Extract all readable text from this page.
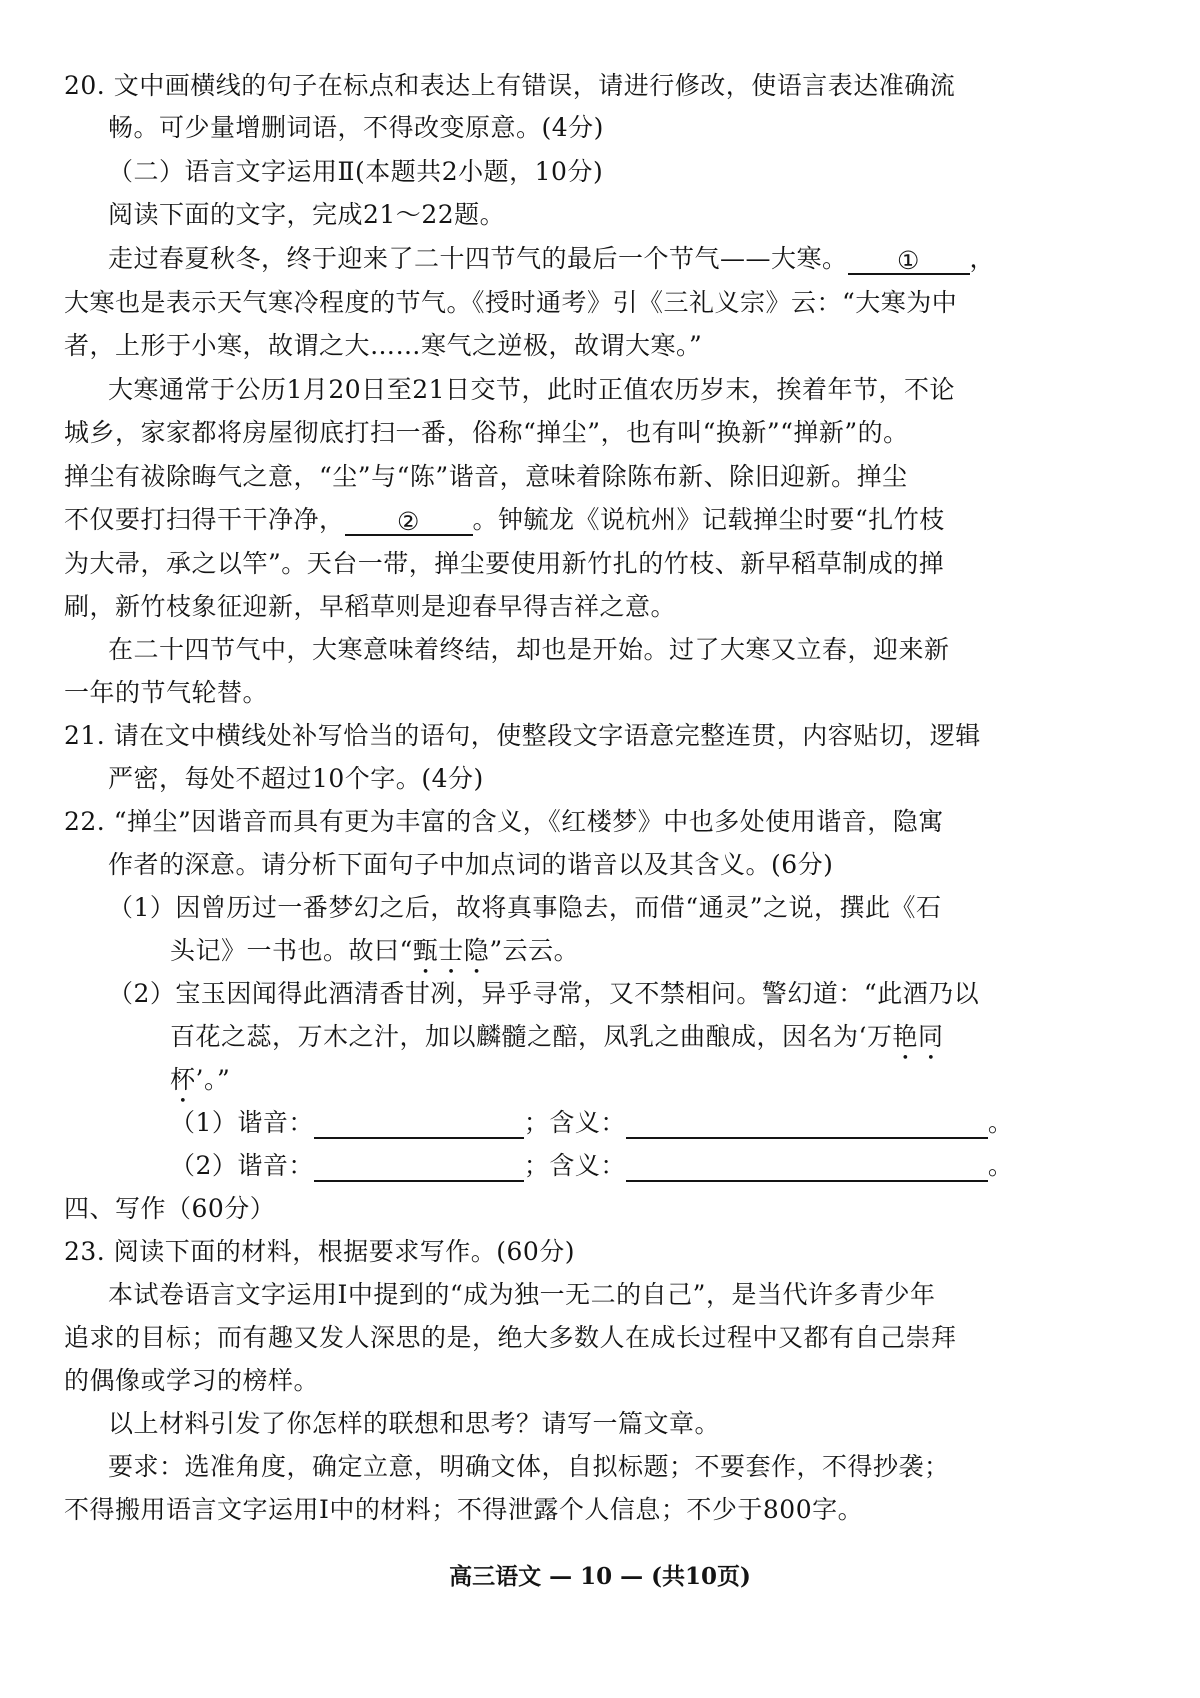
20. 文中画横线的句子在标点和表达上有错误，请进行修改，使语言表达准确流
畅。可少量增删词语，不得改变原意。(4分)
（二）语言文字运用Ⅱ(本题共2小题，10分)
阅读下面的文字，完成21～22题。
走过春夏秋冬，终于迎来了二十四节气的最后一个节气——大寒。 ① ，
大寒也是表示天气寒冷程度的节气。《授时通考》引《三礼义宗》云：“大寒为中
者，上形于小寒，故谓之大……寒气之逆极，故谓大寒。”
大寒通常于公历1月20日至21日交节，此时正值农历岁末，挨着年节，不论
城乡，家家都将房屋彻底打扫一番，俗称“掸尘”，也有叫“换新”“掸新”的。
掸尘有祓除晦气之意，“尘”与“陈”谐音，意味着除陈布新、除旧迎新。掸尘
不仅要打扫得干干净净， ② 。钟毓龙《说杭州》记载掸尘时要“扎竹枝
为大帚，承之以竿”。天台一带，掸尘要使用新竹扎的竹枝、新早稻草制成的掸
刷，新竹枝象征迎新，早稻草则是迎春早得吉祥之意。
在二十四节气中，大寒意味着终结，却也是开始。过了大寒又立春，迎来新
一年的节气轮替。
21. 请在文中横线处补写恰当的语句，使整段文字语意完整连贯，内容贴切，逻辑
严密，每处不超过10个字。(4分)
22. “掸尘”因谐音而具有更为丰富的含义，《红楼梦》中也多处使用谐音，隐寓
作者的深意。请分析下面句子中加点词的谐音以及其含义。(6分)
（1）因曾历过一番梦幻之后，故将真事隐去，而借“通灵”之说，撰此《石
头记》一书也。故曰“甄士隐”云云。
（2）宝玉因闻得此酒清香甘冽，异乎寻常，又不禁相问。警幻道：“此酒乃以
百花之蕊，万木之汁，加以麟髓之醅，凤乳之曲酿成，因名为‘万艳同
杯’。”
（1）谐音：	；含义：	。
（2）谐音：	；含义：	。
四、写作（60分）
23. 阅读下面的材料，根据要求写作。(60分)
本试卷语言文字运用Ⅰ中提到的“成为独一无二的自己”，是当代许多青少年
追求的目标；而有趣又发人深思的是，绝大多数人在成长过程中又都有自己崇拜
的偶像或学习的榜样。
以上材料引发了你怎样的联想和思考？请写一篇文章。
要求：选准角度，确定立意，明确文体，自拟标题；不要套作，不得抄袭；
不得搬用语言文字运用Ⅰ中的材料；不得泄露个人信息；不少于800字。
高三语文 — 10 — (共10页)
